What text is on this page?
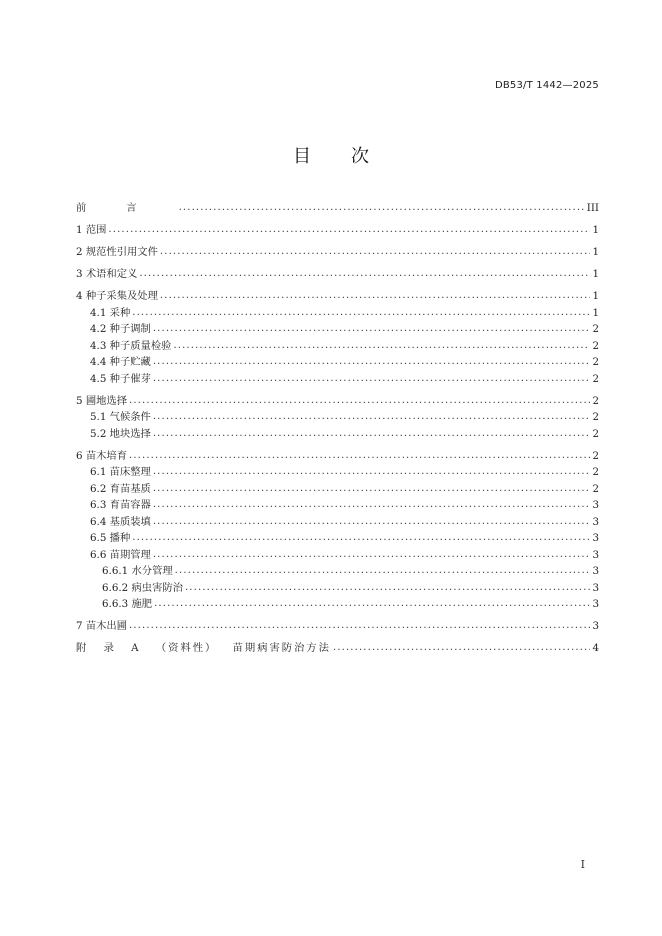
DB53/T 1442—2025
目 次
前言 .....	III
1 范围 .....	1
2 规范性引用文件 .....	1
3 术语和定义 .....	1
4 种子采集及处理 .....	1
4.1 采种 .....	1
4.2 种子调制 .....	2
4.3 种子质量检验 .....	2
4.4 种子贮藏 .....	2
4.5 种子催芽 .....	2
5 圃地选择 .....	2
5.1 气候条件 .....	2
5.2 地块选择 .....	2
6 苗木培育 .....	2
6.1 苗床整理 .....	2
6.2 育苗基质 .....	2
6.3 育苗容器 .....	3
6.4 基质装填 .....	3
6.5 播种 .....	3
6.6 苗期管理 .....	3
6.6.1 水分管理 .....	3
6.6.2 病虫害防治 .....	3
6.6.3 施肥 .....	3
7 苗木出圃 .....	3
附 录 A （资料性） 苗期病害防治方法 .....	4
I
